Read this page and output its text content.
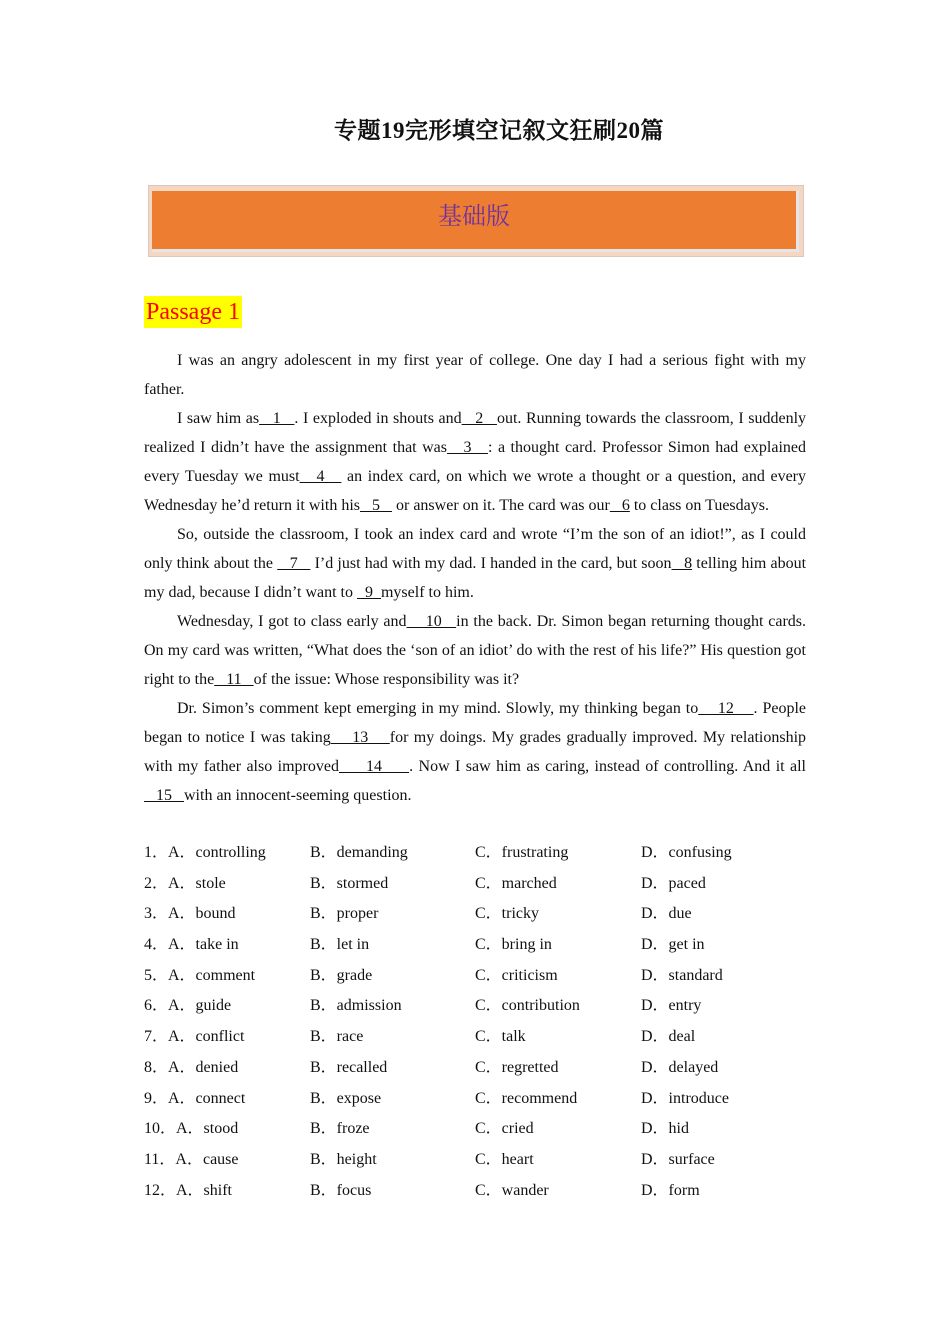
专题19完形填空记叙文狂刷20篇
基础版
Passage 1

I was an angry adolescent in my first year of college. One day I had a serious fight with my father.

I saw him as   1   . I exploded in shouts and   2   out. Running towards the classroom, I suddenly realized I didn’t have the assignment that was   3   : a thought card. Professor Simon had explained every Tuesday we must   4    an index card, on which we wrote a thought or a question, and every Wednesday he’d return it with his   5    or answer on it. The card was our   6 to class on Tuesdays.

So, outside the classroom, I took an index card and wrote “I’m the son of an idiot!”, as I could only think about the    7    I’d just had with my dad. I handed in the card, but soon   8 telling him about my dad, because I didn’t want to   9  myself to him.

Wednesday, I got to class early and    10   in the back. Dr. Simon began returning thought cards. On my card was written, “What does the ‘son of an idiot’ do with the rest of his life?” His question got right to the   11   of the issue: Whose responsibility was it?

Dr. Simon’s comment kept emerging in my mind. Slowly, my thinking began to    12    . People began to notice I was taking    13    for my doings. My grades gradually improved. My relationship with my father also improved     14     . Now I saw him as caring, instead of controlling. And it all   15   with an innocent-seeming question.

1．A．controlling	B．demanding	C．frustrating	D．confusing
2．A．stole	B．stormed	C．marched	D．paced
3．A．bound	B．proper	C．tricky	D．due
4．A．take in	B．let in	C．bring in	D．get in
5．A．comment	B．grade	C．criticism	D．standard
6．A．guide	B．admission	C．contribution	D．entry
7．A．conflict	B．race	C．talk	D．deal
8．A．denied	B．recalled	C．regretted	D．delayed
9．A．connect	B．expose	C．recommend	D．introduce
10．A．stood	B．froze	C．cried	D．hid
11．A．cause	B．height	C．heart	D．surface
12．A．shift	B．focus	C．wander	D．form
